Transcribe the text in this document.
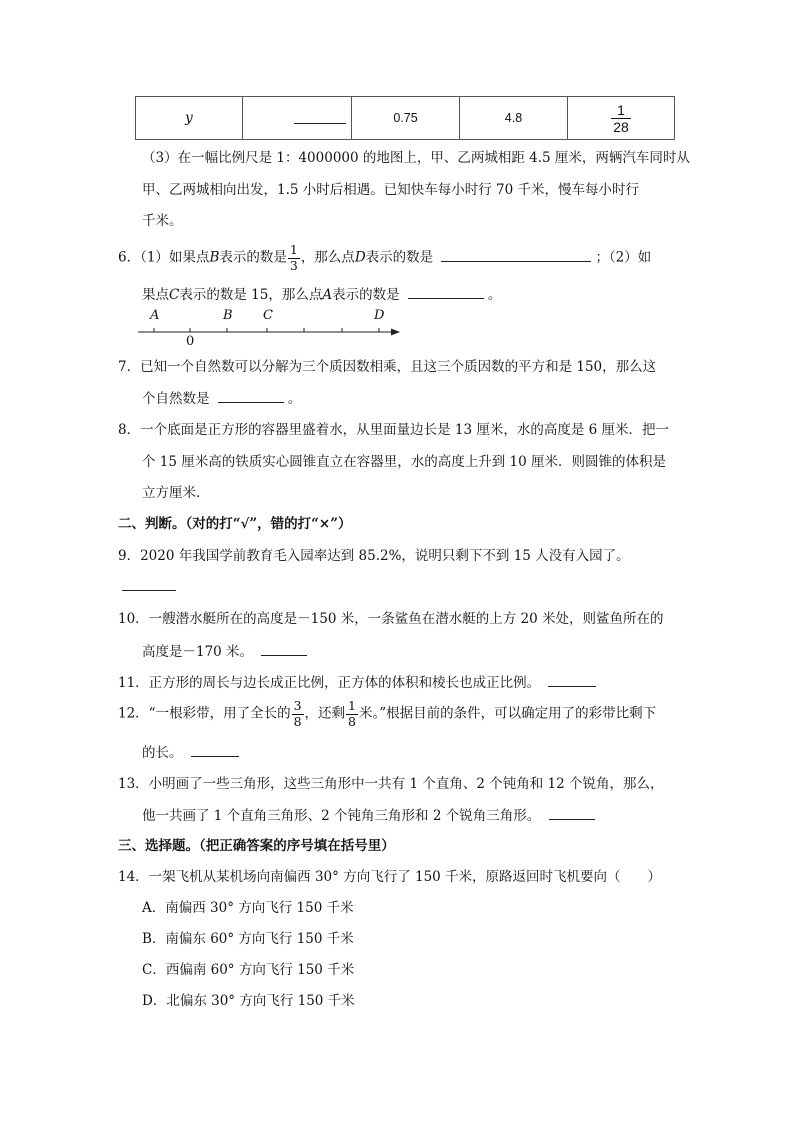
y		0.75	4.8	$\frac{1}{28}$
（3）在一幅比例尺是 1：4000000 的地图上，甲、乙两城相距 4.5 厘米，两辆汽车同时从
甲、乙两城相向出发，1.5 小时后相遇。已知快车每小时行 70 千米，慢车每小时行
千米。
6．（1）如果点B表示的数是 $\frac{1}{3}$ ，那么点D表示的数是	；（2）如
果点C表示的数是 15，那么点A表示的数是	。
A	B C	D
0
7．已知一个自然数可以分解为三个质因数相乘，且这三个质因数的平方和是 150，那么这
个自然数是	。
8．一个底面是正方形的容器里盛着水，从里面量边长是 13 厘米，水的高度是 6 厘米．把一
个 15 厘米高的铁质实心圆锥直立在容器里，水的高度上升到 10 厘米．则圆锥的体积是
立方厘米．
二、判断。（对的打“√”，错的打“×”）
9．2020 年我国学前教育毛入园率达到 85.2%，说明只剩下不到 15 人没有入园了。
10．一艘潜水艇所在的高度是－150 米，一条鲨鱼在潜水艇的上方 20 米处，则鲨鱼所在的
高度是－170 米。
11．正方形的周长与边长成正比例，正方体的体积和棱长也成正比例。
12．“一根彩带，用了全长的 $\frac{3}{8}$ ，还剩 $\frac{1}{8}$ 米。”根据目前的条件，可以确定用了的彩带比剩下
的长。
13．小明画了一些三角形，这些三角形中一共有 1 个直角、2 个钝角和 12 个锐角，那么，
他一共画了 1 个直角三角形、2 个钝角三角形和 2 个锐角三角形。
三、选择题。（把正确答案的序号填在括号里）
14．一架飞机从某机场向南偏西 30° 方向飞行了 150 千米，原路返回时飞机要向（　　）
A．南偏西 30° 方向飞行 150 千米
B．南偏东 60° 方向飞行 150 千米
C．西偏南 60° 方向飞行 150 千米
D．北偏东 30° 方向飞行 150 千米
